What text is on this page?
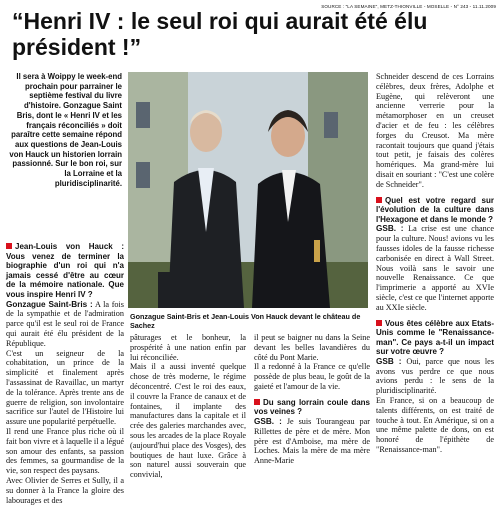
SOURCE : "LA SEMAINE", METZ-THIONVILLE - MOSELLE - N° 243 - 11.11.2009
“Henri IV : le seul roi qui aurait été élu président !”

Il sera à Woippy le week-end prochain pour parrainer le septième festival du livre d'histoire. Gonzague Saint Bris, dont le « Henri IV et les français réconciliés » doit paraître cette semaine répond aux questions de Jean-Louis von Hauck un historien lorrain passionné. Sur le bon roi, sur la Lorraine et la pluridisciplinarité.

Jean-Louis von Hauck : Vous venez de terminer la biographie d'un roi qui n'a jamais cessé d'être au cœur de la mémoire nationale. Que vous inspire Henri IV ?

Gonzague Saint-Bris : A la fois de la sympathie et de l'admiration parce qu'il est le seul roi de France qui aurait été élu président de la République.

C'est un seigneur de la cohabitation, un prince de la simplicité et finalement après l'assassinat de Ravaillac, un martyr de la tolérance. Après trente ans de guerre de religion, son involontaire sacrifice sur l'autel de l'Histoire lui assure une popularité perpétuelle.

Il rend une France plus riche où il fait bon vivre et à laquelle il a légué son amour des enfants, sa passion des femmes, sa gourmandise de la vie, son respect des paysans.

Avec Olivier de Serres et Sully, il a su donner à la France la gloire des labourages et des

Gonzague Saint-Bris et Jean-Louis Von Hauck devant le château de Sachez

pâturages et le bonheur, la prospérité à une nation enfin par lui réconciliée.

Mais il a aussi inventé quelque chose de très moderne, le régime déconcentré. C'est le roi des eaux, il couvre la France de canaux et de fontaines, il implante des manufactures dans la capitale et il crée des galeries marchandes avec, sous les arcades de la place Royale (aujourd'hui place des Vosges), des boutiques de haut luxe. Grâce à son naturel aussi souverain que convivial,

il peut se baigner nu dans la Seine devant les belles lavandières du côté du Pont Marie.

Il a redonné à la France ce qu'elle possède de plus beau, le goût de la gaieté et l'amour de la vie.

Du sang lorrain coule dans vos veines ?

GSB. : Je suis Tourangeau par Rillettes de père et de mère. Mon père est d'Amboise, ma mère de Loches. Mais la mère de ma mère Anne-Marie

Schneider descend de ces Lorrains célèbres, deux frères, Adolphe et Eugène, qui relèveront une ancienne verrerie pour la métamorphoser en un creuset d'acier et de feu : les célèbres forges du Creusot. Ma mère racontait toujours que quand j'étais tout petit, je faisais des colères homériques. Ma grand-mère lui disait en souriant : "C'est une colère de Schneider".

Quel est votre regard sur l'évolution de la culture dans l'Hexagone et dans le monde ?

GSB. : La crise est une chance pour la culture. Nous! avions vu les fausses idoles de la fausse richesse carbonisée en direct à Wall Street. Nous voilà sans le savoir une nouvelle Renaissance. Ce que l'imprimerie a apporté au XVIe siècle, c'est ce que l'internet apporte au XXIe siècle.

Vous êtes célèbre aux Etats-Unis comme le "Renaissance-man". Ce pays a-t-il un impact sur votre œuvre ?

GSB : Oui, parce que nous les avons vus perdre ce que nous avions perdu : le sens de la pluridisciplinarité.

En France, si on a beaucoup de talents différents, on est traité de touche à tout. En Amérique, si on a une même palette de dons, on est honoré de l'épithète de "Renaissance-man".
